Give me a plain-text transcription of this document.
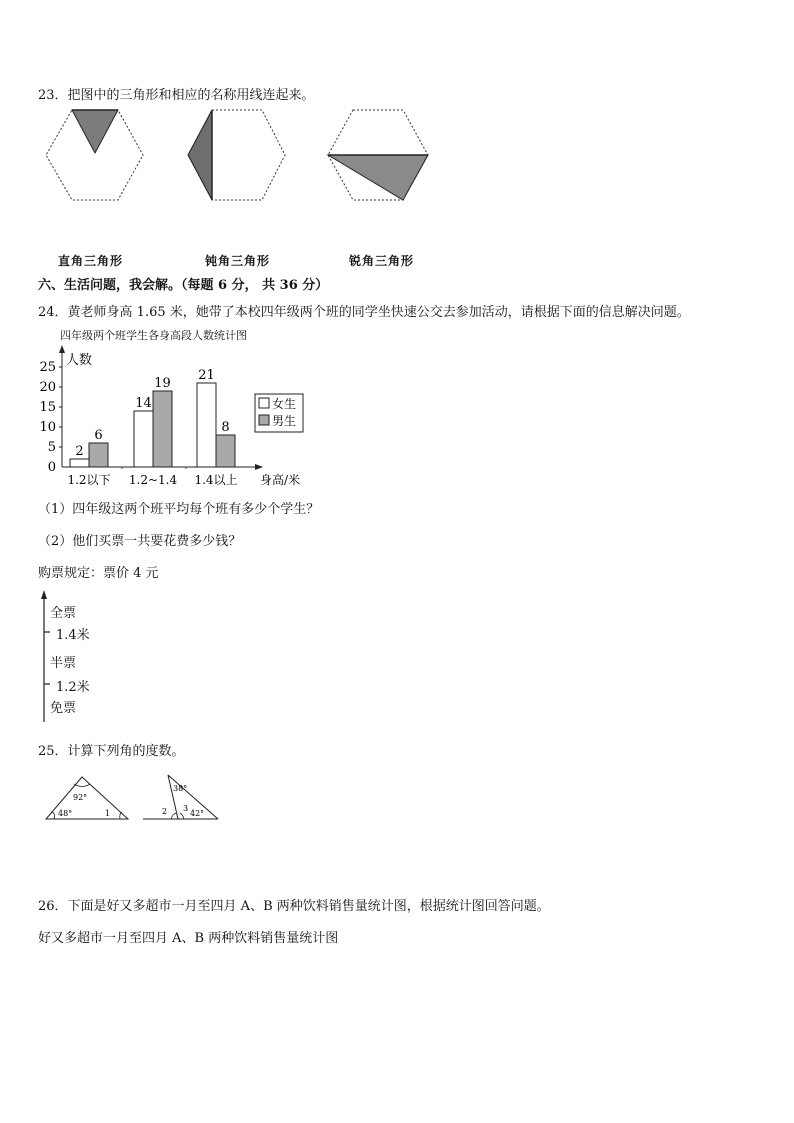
23．把图中的三角形和相应的名称用线连起来。
直角三角形	钝角三角形	锐角三角形
六、生活问题，我会解。（每题 6 分， 共 36 分）
24．黄老师身高 1.65 米，她带了本校四年级两个班的同学坐快速公交去参加活动，请根据下面的信息解决问题。
四年级两个班学生各身高段人数统计图
人数
身高/米
0
5
10
15
20
25
2
6
1.2以下
14
19
1.2~1.4
21
8
1.4以上
女生
男生
（1）四年级这两个班平均每个班有多少个学生？
（2）他们买票一共要花费多少钱？
购票规定：票价 4 元
全票
1.4米
半票
1.2米
免票
25．计算下列角的度数。
92°
48°	1
38°
2 3
42°
26．下面是好又多超市一月至四月 A、B 两种饮料销售量统计图，根据统计图回答问题。
好又多超市一月至四月 A、B 两种饮料销售量统计图
